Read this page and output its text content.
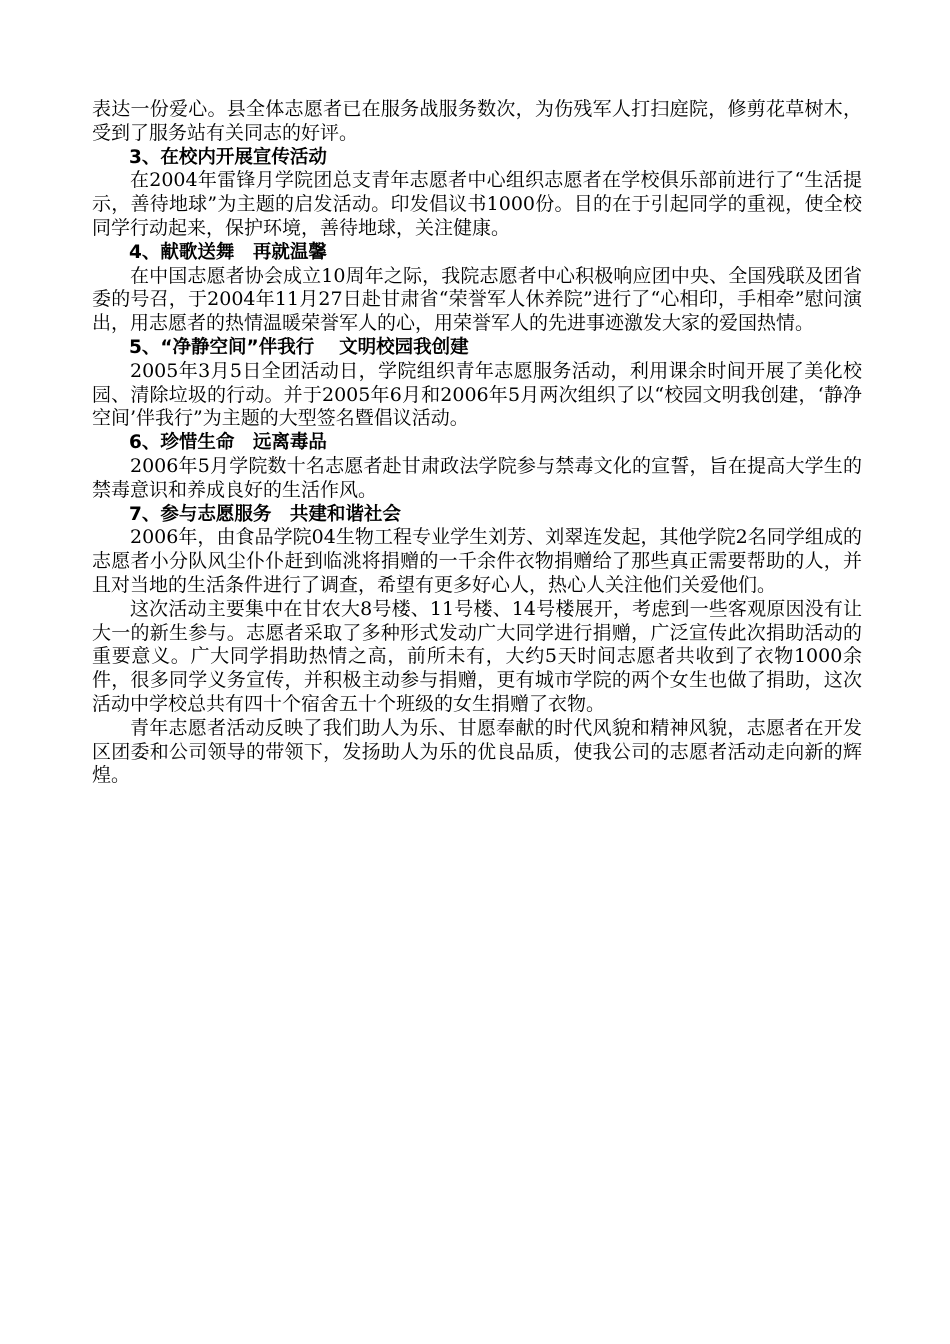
表达一份爱心。县全体志愿者已在服务战服务数次，为伤残军人打扫庭院，修剪花草树木，受到了服务站有关同志的好评。

3、在校内开展宣传活动

在2004年雷锋月学院团总支青年志愿者中心组织志愿者在学校俱乐部前进行了“生活提示，善待地球”为主题的启发活动。印发倡议书1000份。目的在于引起同学的重视，使全校同学行动起来，保护环境，善待地球，关注健康。

4、献歌送舞　再就温馨

在中国志愿者协会成立10周年之际，我院志愿者中心积极响应团中央、全国残联及团省委的号召，于2004年11月27日赴甘肃省“荣誉军人休养院”进行了“心相印，手相牵”慰问演出，用志愿者的热情温暖荣誉军人的心，用荣誉军人的先进事迹激发大家的爱国热情。

5、“净静空间”伴我行　 文明校园我创建

2005年3月5日全团活动日，学院组织青年志愿服务活动，利用课余时间开展了美化校园、清除垃圾的行动。并于2005年6月和2006年5月两次组织了以“校园文明我创建，‘静净空间’伴我行”为主题的大型签名暨倡议活动。

6、珍惜生命　远离毒品

2006年5月学院数十名志愿者赴甘肃政法学院参与禁毒文化的宣誓，旨在提高大学生的禁毒意识和养成良好的生活作风。

7、参与志愿服务　共建和谐社会

2006年，由食品学院04生物工程专业学生刘芳、刘翠连发起，其他学院2名同学组成的志愿者小分队风尘仆仆赶到临洮将捐赠的一千余件衣物捐赠给了那些真正需要帮助的人，并且对当地的生活条件进行了调查，希望有更多好心人，热心人关注他们关爱他们。

这次活动主要集中在甘农大8号楼、11号楼、14号楼展开，考虑到一些客观原因没有让大一的新生参与。志愿者采取了多种形式发动广大同学进行捐赠，广泛宣传此次捐助活动的重要意义。广大同学捐助热情之高，前所未有，大约5天时间志愿者共收到了衣物1000余件，很多同学义务宣传，并积极主动参与捐赠，更有城市学院的两个女生也做了捐助，这次活动中学校总共有四十个宿舍五十个班级的女生捐赠了衣物。

青年志愿者活动反映了我们助人为乐、甘愿奉献的时代风貌和精神风貌，志愿者在开发区团委和公司领导的带领下，发扬助人为乐的优良品质，使我公司的志愿者活动走向新的辉煌。
